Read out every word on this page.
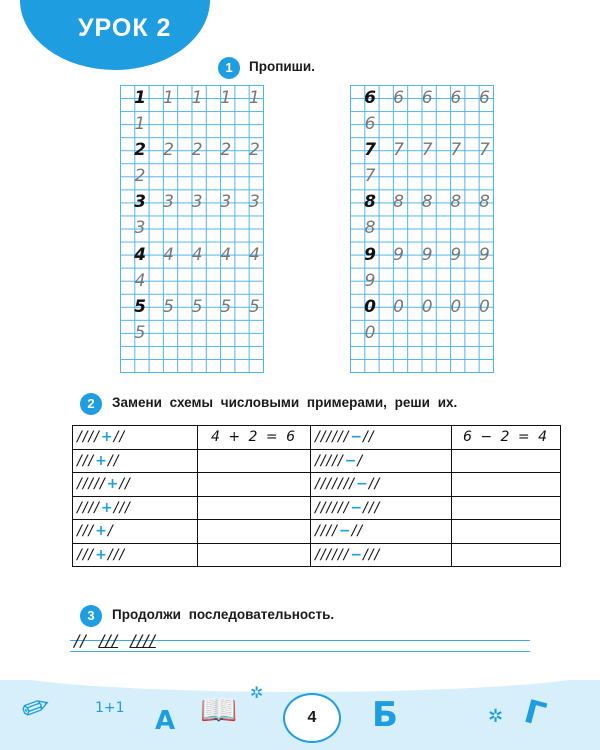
УРОК 2
1	Пропиши.
1 1 1 1 1
1
2 2 2 2 2
2
3 3 3 3 3
3
4 4 4 4 4
4
5 5 5 5 5
5
6 6 6 6 6
6
7 7 7 7 7
7
8 8 8 8 8
8
9 9 9 9 9
9
0 0 0 0 0
0
2	Замени схемы числовыми примерами, реши их.
////+//	4 + 2 = 6	//////−//	6 − 2 = 4
///+//		/////−/	
/////+//		///////−//	
////+///		//////−///	
///+/		////−//	
///+///		//////−///	
3	Продолжи последовательность.
// /// ////
✏	1+1 А 📖
✲
Б	✲ Г
4
